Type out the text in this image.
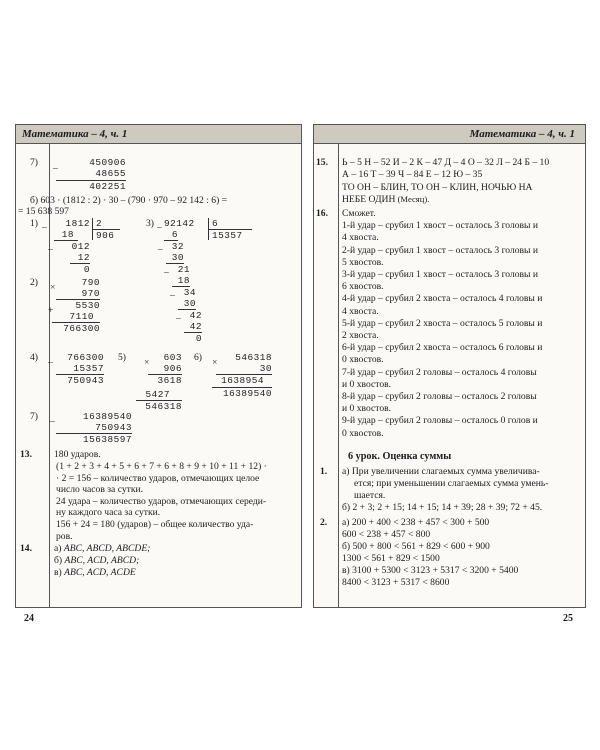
Математика – 4, ч. 1
7)
–
450906
48655
402251
б) 603 · (1812 : 2) · 30 – (790 · 970 – 92 142 : 6) =
= 15 638 597
1) –	1812 2
906
18
–	012
12
0
3) – 92142 6
15357
6
– 32
30
– 21
18
– 34
30
– 42
42
0
2) ×	790
970
5530
+
7110
766300
4) –	766300
15357
750943
5) ×	603
906
3618
5427
546318
6) ×	546318
30
1638954
16389540
7) –	16389540
750943
15638597
13. 180 ударов.
(1 + 2 + 3 + 4 + 5 + 6 + 7 + 6 + 8 + 9 + 10 + 11 + 12) ·
· 2 = 156 – количество ударов, отмечающих целое
число часов за сутки.
24 удара – количество ударов, отмечающих середи-
ну каждого часа за сутки.
156 + 24 = 180 (ударов) – общее количество уда-
ров.
14. а) ABC, ABCD, ABCDE;
б) ABC, ACD, ABCD;
в) ABC, ACD, ACDE
Математика – 4, ч. 1
15. Ь – 5 Н – 52 И – 2 К – 47 Д – 4 О – 32 Л – 24 Б – 10
А – 16 Т – 39 Ч – 84 Е – 12 Ю – 35
ТО ОН – БЛИН, ТО ОН – КЛИН, НОЧЬЮ НА
НЕБЕ ОДИН (Месяц).
16. Сможет.
1-й удар – срубил 1 хвост – осталось 3 головы и
4 хвоста.
2-й удар – срубил 1 хвост – осталось 3 головы и
5 хвостов.
3-й удар – срубил 1 хвост – осталось 3 головы и
6 хвостов.
4-й удар – срубил 2 хвоста – осталось 4 головы и
4 хвоста.
5-й удар – срубил 2 хвоста – осталось 5 головы и
2 хвоста.
6-й удар – срубил 2 хвоста – осталось 6 головы и
0 хвостов.
7-й удар – срубил 2 головы – осталось 4 головы
и 0 хвостов.
8-й удар – срубил 2 головы – осталось 2 головы
и 0 хвостов.
9-й удар – срубил 2 головы – осталось 0 голов и
0 хвостов.
6 урок. Оценка суммы
1. а) При увеличении слагаемых сумма увеличива-
ется; при уменьшении слагаемых сумма умень-
шается.
б) 2 + 3; 2 + 15; 14 + 15; 14 + 39; 28 + 39; 72 + 45.
2. а) 200 + 400 < 238 + 457 < 300 + 500
600 < 238 + 457 < 800
б) 500 + 800 < 561 + 829 < 600 + 900
1300 < 561 + 829 < 1500
в) 3100 + 5300 < 3123 + 5317 < 3200 + 5400
8400 < 3123 + 5317 < 8600
24	25
